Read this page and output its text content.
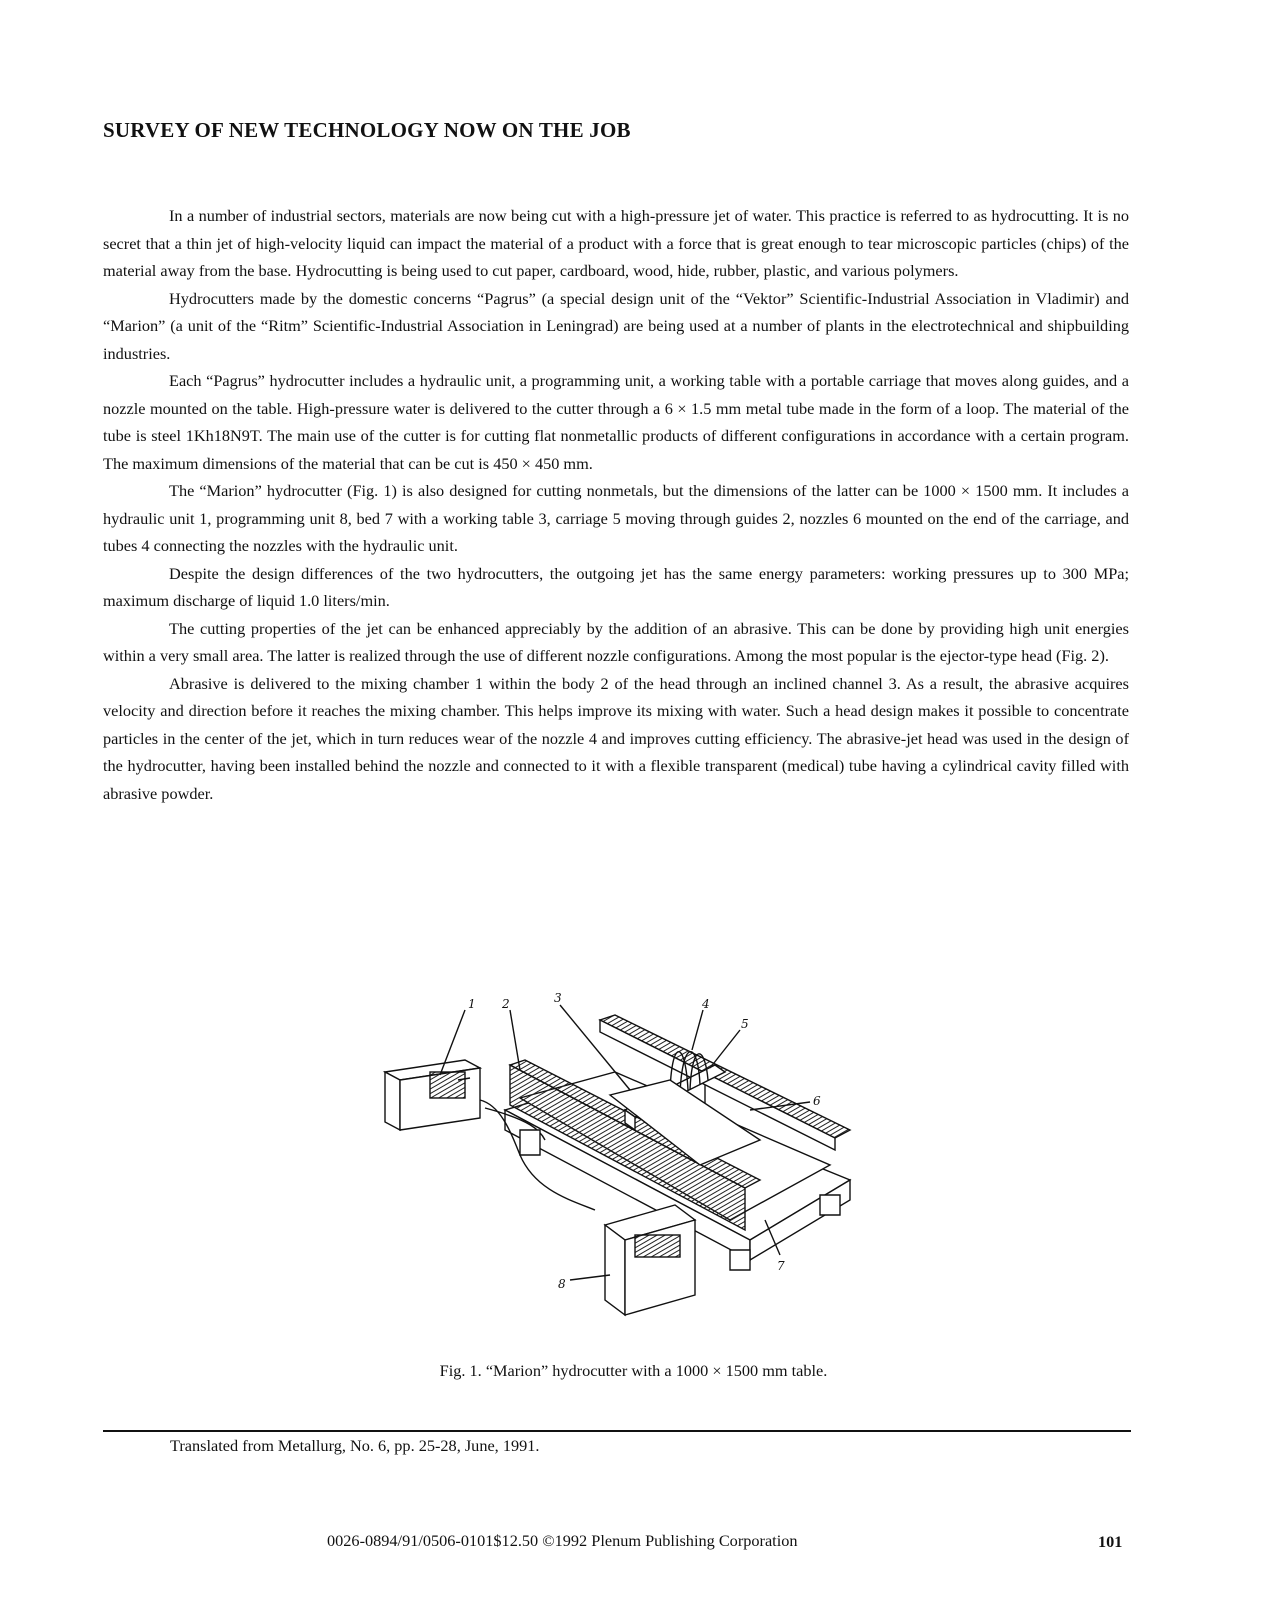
SURVEY OF NEW TECHNOLOGY NOW ON THE JOB

In a number of industrial sectors, materials are now being cut with a high-pressure jet of water. This practice is referred to as hydrocutting. It is no secret that a thin jet of high-velocity liquid can impact the material of a product with a force that is great enough to tear microscopic particles (chips) of the material away from the base. Hydrocutting is being used to cut paper, cardboard, wood, hide, rubber, plastic, and various polymers.

Hydrocutters made by the domestic concerns “Pagrus” (a special design unit of the “Vektor” Scientific-Industrial Association in Vladimir) and “Marion” (a unit of the “Ritm” Scientific-Industrial Association in Leningrad) are being used at a number of plants in the electrotechnical and shipbuilding industries.

Each “Pagrus” hydrocutter includes a hydraulic unit, a programming unit, a working table with a portable carriage that moves along guides, and a nozzle mounted on the table. High-pressure water is delivered to the cutter through a 6 × 1.5 mm metal tube made in the form of a loop. The material of the tube is steel 1Kh18N9T. The main use of the cutter is for cutting flat nonmetallic products of different configurations in accordance with a certain program. The maximum dimensions of the material that can be cut is 450 × 450 mm.

The “Marion” hydrocutter (Fig. 1) is also designed for cutting nonmetals, but the dimensions of the latter can be 1000 × 1500 mm. It includes a hydraulic unit 1, programming unit 8, bed 7 with a working table 3, carriage 5 moving through guides 2, nozzles 6 mounted on the end of the carriage, and tubes 4 connecting the nozzles with the hydraulic unit.

Despite the design differences of the two hydrocutters, the outgoing jet has the same energy parameters: working pressures up to 300 MPa; maximum discharge of liquid 1.0 liters/min.

The cutting properties of the jet can be enhanced appreciably by the addition of an abrasive. This can be done by providing high unit energies within a very small area. The latter is realized through the use of different nozzle configurations. Among the most popular is the ejector-type head (Fig. 2).

Abrasive is delivered to the mixing chamber 1 within the body 2 of the head through an inclined channel 3. As a result, the abrasive acquires velocity and direction before it reaches the mixing chamber. This helps improve its mixing with water. Such a head design makes it possible to concentrate particles in the center of the jet, which in turn reduces wear of the nozzle 4 and improves cutting efficiency. The abrasive-jet head was used in the design of the hydrocutter, having been installed behind the nozzle and connected to it with a flexible transparent (medical) tube having a cylindrical cavity filled with abrasive powder.

1 2	3	4
5
6
7
8
Fig. 1. “Marion” hydrocutter with a 1000 × 1500 mm table.
Translated from Metallurg, No. 6, pp. 25-28, June, 1991.
0026-0894/91/0506-0101$12.50 ©1992 Plenum Publishing Corporation	101
